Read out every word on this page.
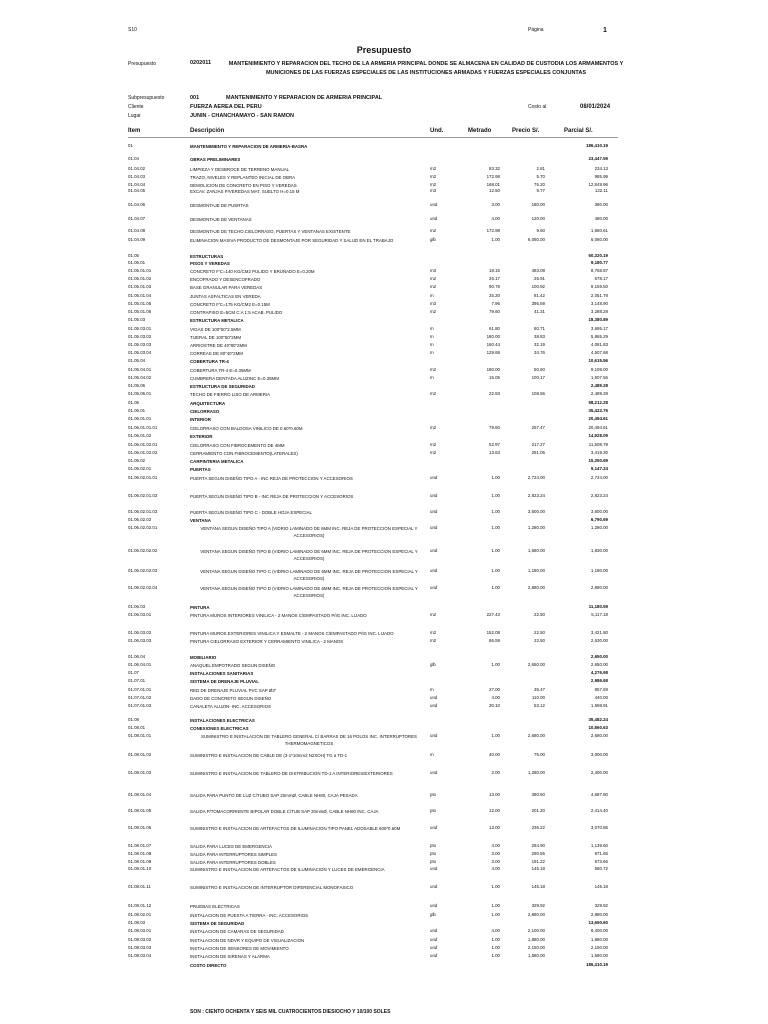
S10	Página	1
Presupuesto
Presupuesto	0202011	MANTENIMIENTO Y REPARACION DEL TECHO DE LA ARMERIA PRINCIPAL DONDE SE ALMACENA EN CALIDAD DE CUSTODIA LOS ARMAMENTOS Y MUNICIONES DE LAS FUERZAS ESPECIALES DE LAS INSTITUCIONES ARMADAS Y FUERZAS ESPECIALES CONJUNTAS
Subpresupuesto	001	MANTENIMIENTO Y REPARACION DE ARMERIA PRINCIPAL
Cliente	FUERZA AEREA DEL PERU
Lugar	JUNIN - CHANCHAMAYO - SAN RAMON
Costo al	08/01/2024
Item	Descripción	Und.	Metrado	Precio S/.	Parcial S/.
01	MANTENIMIENTO Y REPARACION DE ARMERIA-BASRA	186,410.19
01.04	OBRAS PRELIMINARES	23,447.59
01.04.02	LIMPIEZA Y DESBROCE DE TERRENO MANUAL	m2	83.32	2.81	234.13
01.04.03	TRAZO, NIVELES Y REPLANTEO INICIAL DE OBRA	m2	172.98	5.70	985.99
01.04.04	DEMOLICION DE CONCRETO EN PISO Y VEREDAS	m2	168.01	76.20	12,849.96
01.04.05	EXCAV. ZANJAS P/VEREDAS MAT. SUELTO H=0.15 M	m3	12.50	9.77	122.11
01.04.06	DESMONTAJE DE PUERTAS	und	3.00	180.00	380.00
01.04.07	DESMONTAJE DE VENTANAS	und	4.00	120.00	480.00
01.04.08	DESMONTAJE DE TECHO,CIELORRASO, PUERTAS Y VENTANAS EXISTENTE	m2	172.98	9.60	1,660.61
01.04.09	ELIMINACION MASIVA PRODUCTO DE DESMONTAJE POR SEGURIDAD Y SALUD EN EL TRABAJO	glb	1.00	6,080.00	6,080.00
01.05	ESTRUCTURAS	60,320.19
01.05.01	PISOS Y VEREDAS	9,180.77
01.05.01.01	CONCRETO F'C=140 KG/CM2 PULIDO Y BRUÑADO E=0.20M	m3	18.15	483.08	8,768.87
01.05.01.02	ENCOFRADO Y DESENCOFRADO	m2	26.17	25.91	678.17
01.05.01.03	BASE GRANULAR PARA VEREDAS	m2	90.78	100.92	9,159.50
01.05.01.04	JUNTAS ASFALTICAS EN VEREDA	m	25.20	81.42	2,051.78
01.05.01.05	CONCRETO F'C=175 KG/CM2 E=0.15M	m3	7.96	395.59	3,148.90
01.05.01.06	CONTRAPISO E=5CM C:A 1:5 ACAB. PULIDO	m2	79.60	41.31	3,288.28
01.05.03	ESTRUCTURA METALICA	18,380.89
01.05.03.01	VIGAS DE 100"50"2.5MM	m	61.80	80.71	3,695.17
01.05.03.02	TIJERAL DE 100"50"2MM	m	180.00	38.83	5,865.29
01.05.03.03	ARRIOSTRE DE 40"80"2MM	m	160.44	32.19	4,081.83
01.05.03.04	CORREAS DE 80"40"2MM	m	129.68	34.76	4,507.68
01.05.04	COBERTURA TR-4	10,615.56
01.05.04.01	COBERTURA TR-4 E=0.35MM	m2	180.00	50.60	9,108.00
01.05.04.02	CUMBRERA DENTADA ALUZINC E=0.35MM	m	15.05	100.17	1,507.56
01.05.06	ESTRUCTURA DE SEGURIDAD	2,489.28
01.05.06.01	TECHO DE FIERRO LISO DE ARMERIA	m2	22.93	108.56	2,489.28
01.06	ARQUITECTURA	58,212.28
01.06.01	CIELORRASO	35,422.76
01.06.01.01	INTERIOR	20,494.61
01.06.01.01.01	CIELORRASO CON BALDOSA VINILICO DE 0.60*0.60M	m2	79.60	257.47	20,494.61
01.06.01.02	EXTERIOR	14,928.09
01.06.01.02.01	CIELORRASO CON FIBROCEMENTO DE 4MM	m2	52.97	217.27	11,508.79
01.06.01.02.02	CERRAMIENTO CON FIBROCEMENTO(LATERALES)	m2	13.63	251.05	3,419.30
01.06.02	CARPINTERIA METALICA	15,350.69
01.06.02.01	PUERTAS	9,147.24
01.06.02.01.01	PUERTA SEGUN DISEÑO TIPO A - INC REJA DE PROTECCION Y ACCESORIOS	und	1.00	2,724.00	2,724.00
01.06.02.01.02	PUERTA SEGUN DISEÑO TIPO B - INC REJA DE PROTECCION Y ACCESORIOS	und	1.00	2,823.24	2,823.24
01.06.02.01.03	PUERTA SEGUN DISEÑO TIPO C - DOBLE HOJA ESPECIAL	und	1.00	3,600.00	3,600.00
01.06.02.02	VENTANA	6,790.69
01.06.02.02.01	VENTANA SEGUN DISEÑO TIPO A (VIDRIO LAMINADO DE 6MM INC. REJA DE PROTECCION ESPECIAL Y ACCESORIOS)
und	1.00	1,280.00	1,280.00
01.06.02.02.02	VENTANA SEGUN DISEÑO TIPO B (VIDRIO LAMINADO DE 6MM INC. REJA DE PROTECCION ESPECIAL Y ACCESORIOS)
und	1.00	1,680.00	1,830.00
01.06.02.02.03	VENTANA SEGUN DISEÑO TIPO C (VIDRIO LAMINADO DE 6MM INC. REJA DE PROTECCION ESPECIAL Y ACCESORIOS)
und	1.00	1,180.00	1,180.00
01.06.02.02.04	VENTANA SEGUN DISEÑO TIPO D (VIDRIO LAMINADO DE 6MM INC. REJA DE PROTECCION ESPECIAL Y ACCESORIOS)
und	1.00	2,880.00	2,880.00
01.06.03	PINTURA	11,180.59
01.06.03.01	PINTURA MUROS INTERIORES VINILICA - 2 MANOS C/EMPASTADO P/IG INC. LIJADO	m2	227.43	22.50	5,117.18
01.06.03.02	PINTURA MUROS EXTERIORES VINILICA Y ESMALTE - 2 MANOS C/EMPASTADO P/IG INC. LIJADO	m2	152.08	22.50	3,421.80
01.06.03.03	PINTURA CIELORRASO EXTERIOR Y CERRAMIENTO VINILICA - 2 MANOS	m2	86.59	22.50	2,630.00
01.06.04	MOBILIARIO	2,650.00
01.06.04.01	ANAQUEL EMPOTRADO SEGUN DISEÑO	glb	1.00	2,650.00	2,650.00
01.07	INSTALACIONES SANITARIAS	4,276.98
01.07.01	SISTEMA DE DRENAJE PLUVIAL	2,986.68
01.07.01.01	RED DE DRENAJE PLUVIAL PVC SAP Ø3"	m	27.00	35.47	957.69
01.07.01.02	DADO DE CONCRETO SEGUN DISEÑO	und	4.00	110.00	440.00
01.07.01.03	CANALETA ALUZIN- INC. ACCESORIOS	und	30.10	53.12	1,598.91
01.08	INSTALACIONES ELECTRICAS	35,482.24
01.08.01	CONEXIONES ELECTRICAS	10,860.63
01.08.01.01	SUMINISTRO E INSTALACION DE TABLERO GENERAL C/ BARRAS DE 16 POLOS INC. INTERRUPTORES THERMOMAGNETICOS
und	1.00	2,680.00	2,680.00
01.08.01.02	SUMINISTRO E INSTALACION DE CABLE DE (3-1*10mm2 N2XOH) TG a TD-1	m	40.00	75.00	3,000.00
01.08.01.03	SUMINISTRO E INSTALACION DE TABLERO DE DISTRIBUCION TD-1 A INTERIORES/EXTERIORES	und	2.00	1,280.00	2,400.00
01.08.01.04	SALIDA PARA PUNTO DE LUZ C/TUBO SAP 20mmØ, CABLE NH80, CAJA PESADA	pto	13.00	380.60	4,687.80
01.08.01.05	SALIDA P/TOMACORRIENTE BIPOLAR DOBLE C/TUB SAP 20mmØ, CABLE NH80 INC. CAJA	pto	12.00	201.20	2,414.40
01.08.01.06	SUMINISTRO E INSTALACION DE ARTEFACTOS DE ILUMINACION TIPO PANEL ADOSABLE 600*0.60M	und	13.00	236.22	3,070.86
01.08.01.07	SALIDA PARA LUCES DE EMERGENCIA	pto	4.00	284.90	1,139.60
01.08.01.08	SALIDA PARA INTERRUPTORES SIMPLES	pto	3.00	290.55	871.65
01.08.01.09	SALIDA PARA INTERRUPTORES DOBLES	pto	3.00	191.22	573.66
01.08.01.10	SUMINISTRO E INSTALACION DE ARTEFACTOS DE ILUMINACION Y LUCES DE EMERGENCIA	und	4.00	145.18	580.72
01.08.01.11	SUMINISTRO E INSTALACION DE INTERRUPTOR DIFERENCIAL MONOFASICO	und	1.00	145.18	145.18
01.08.01.12	PRUEBAS ELECTRICAS	und	1.00	329.92	329.92
01.08.02.01	INSTALACION DE PUESTA A TIERRA - INC. ACCESORIOS	glb	1.00	2,880.00	2,880.00
01.08.03	SISTEMA DE SEGURIDAD	13,650.60
01.08.03.01	INSTALACION DE CAMARAS DE SEGURIDAD	und	4.00	2,100.00	8,400.00
01.08.03.02	INSTALACION DE NDVR Y EQUIPO DE VISUALIZACION	und	1.00	1,880.00	1,880.00
01.08.03.03	INSTALACION DE SENSORES DE MOVIMIENTO	und	1.00	2,150.00	2,150.00
01.08.03.04	INSTALACION DE SIRENAS Y ALARMA	und	1.00	1,580.00	1,580.00
COSTO DIRECTO	186,410.19
SON : CIENTO OCHENTA Y SEIS MIL CUATROCIENTOS DIESIOCHO Y 10/100 SOLES
